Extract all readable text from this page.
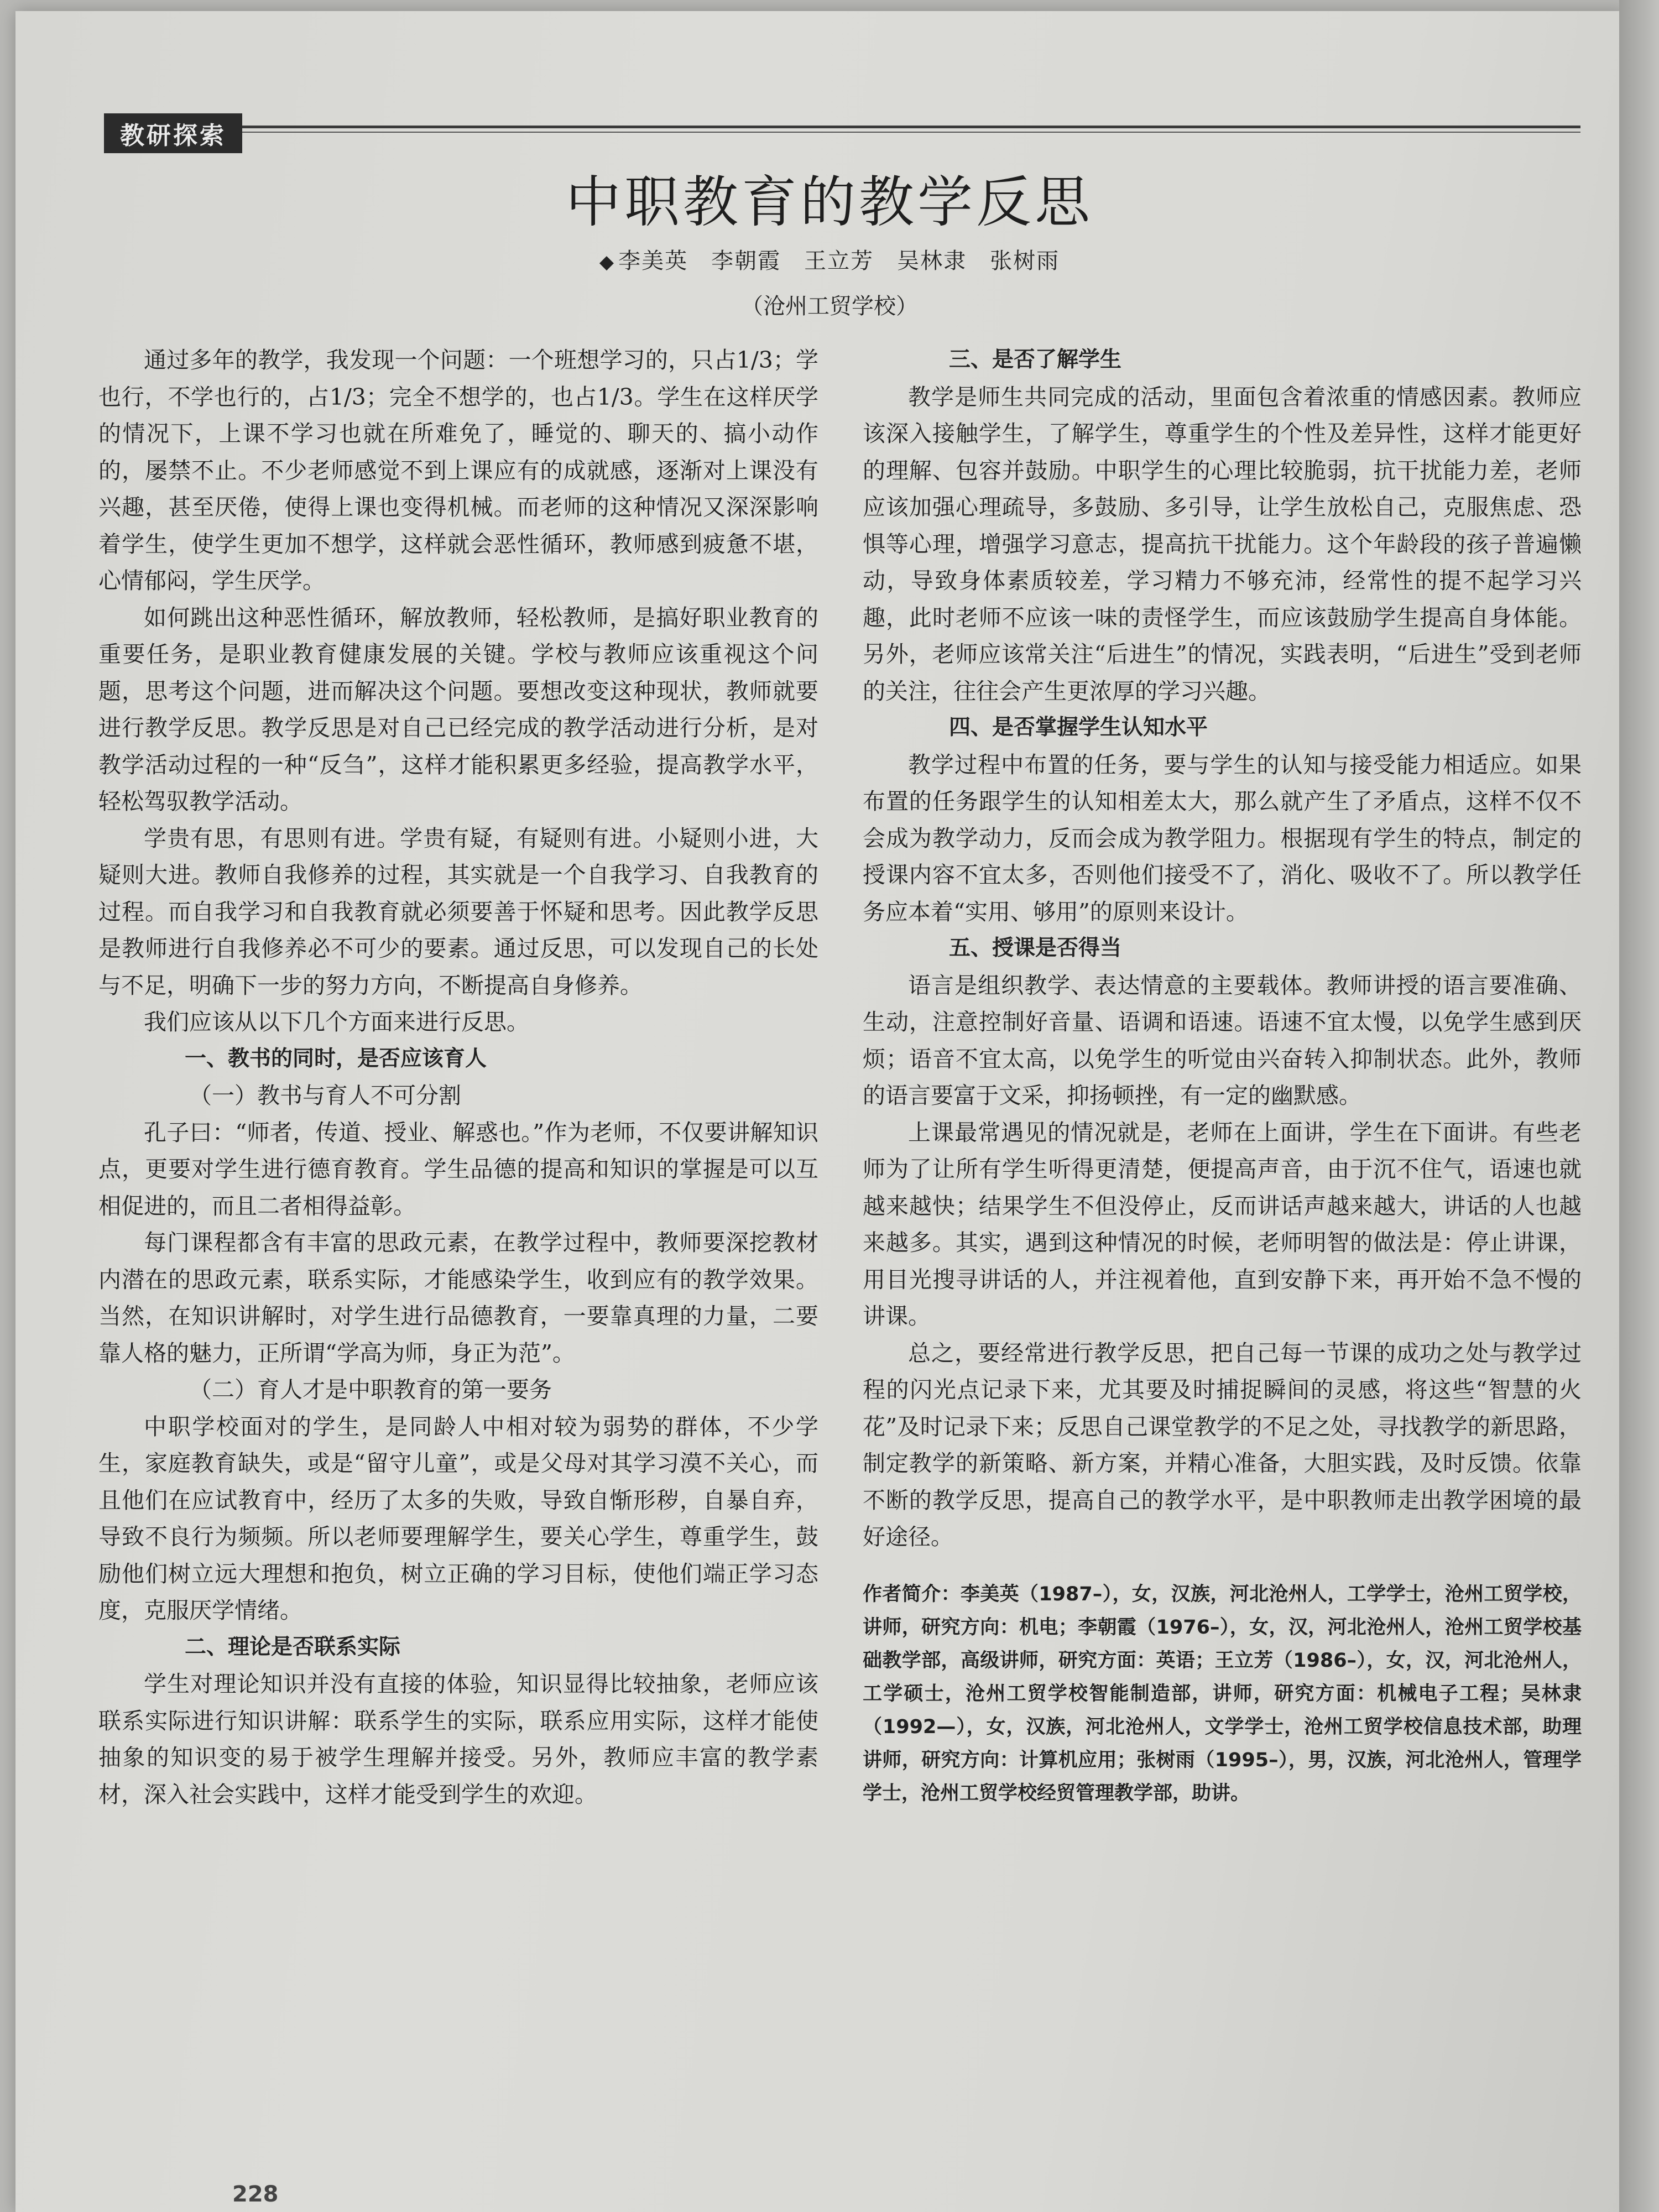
教研探索
中职教育的教学反思
◆ 李美英　李朝霞　王立芳　吴林隶　张树雨
（沧州工贸学校）

通过多年的教学，我发现一个问题：一个班想学习的，只占1/3；学也行，不学也行的，占1/3；完全不想学的，也占1/3。学生在这样厌学的情况下，上课不学习也就在所难免了，睡觉的、聊天的、搞小动作的，屡禁不止。不少老师感觉不到上课应有的成就感，逐渐对上课没有兴趣，甚至厌倦，使得上课也变得机械。而老师的这种情况又深深影响着学生，使学生更加不想学，这样就会恶性循环，教师感到疲惫不堪，心情郁闷，学生厌学。

如何跳出这种恶性循环，解放教师，轻松教师，是搞好职业教育的重要任务，是职业教育健康发展的关键。学校与教师应该重视这个问题，思考这个问题，进而解决这个问题。要想改变这种现状，教师就要进行教学反思。教学反思是对自己已经完成的教学活动进行分析，是对教学活动过程的一种“反刍”，这样才能积累更多经验，提高教学水平，轻松驾驭教学活动。

学贵有思，有思则有进。学贵有疑，有疑则有进。小疑则小进，大疑则大进。教师自我修养的过程，其实就是一个自我学习、自我教育的过程。而自我学习和自我教育就必须要善于怀疑和思考。因此教学反思是教师进行自我修养必不可少的要素。通过反思，可以发现自己的长处与不足，明确下一步的努力方向，不断提高自身修养。

我们应该从以下几个方面来进行反思。

一、教书的同时，是否应该育人

（一）教书与育人不可分割

孔子曰：“师者，传道、授业、解惑也。”作为老师，不仅要讲解知识点，更要对学生进行德育教育。学生品德的提高和知识的掌握是可以互相促进的，而且二者相得益彰。

每门课程都含有丰富的思政元素，在教学过程中，教师要深挖教材内潜在的思政元素，联系实际，才能感染学生，收到应有的教学效果。当然，在知识讲解时，对学生进行品德教育，一要靠真理的力量，二要靠人格的魅力，正所谓“学高为师，身正为范”。

（二）育人才是中职教育的第一要务

中职学校面对的学生，是同龄人中相对较为弱势的群体，不少学生，家庭教育缺失，或是“留守儿童”，或是父母对其学习漠不关心，而且他们在应试教育中，经历了太多的失败，导致自惭形秽，自暴自弃，导致不良行为频频。所以老师要理解学生，要关心学生，尊重学生，鼓励他们树立远大理想和抱负，树立正确的学习目标，使他们端正学习态度，克服厌学情绪。

二、理论是否联系实际

学生对理论知识并没有直接的体验，知识显得比较抽象，老师应该联系实际进行知识讲解：联系学生的实际，联系应用实际，这样才能使抽象的知识变的易于被学生理解并接受。另外，教师应丰富的教学素材，深入社会实践中，这样才能受到学生的欢迎。

三、是否了解学生

教学是师生共同完成的活动，里面包含着浓重的情感因素。教师应该深入接触学生，了解学生，尊重学生的个性及差异性，这样才能更好的理解、包容并鼓励。中职学生的心理比较脆弱，抗干扰能力差，老师应该加强心理疏导，多鼓励、多引导，让学生放松自己，克服焦虑、恐惧等心理，增强学习意志，提高抗干扰能力。这个年龄段的孩子普遍懒动，导致身体素质较差，学习精力不够充沛，经常性的提不起学习兴趣，此时老师不应该一味的责怪学生，而应该鼓励学生提高自身体能。另外，老师应该常关注“后进生”的情况，实践表明，“后进生”受到老师的关注，往往会产生更浓厚的学习兴趣。

四、是否掌握学生认知水平

教学过程中布置的任务，要与学生的认知与接受能力相适应。如果布置的任务跟学生的认知相差太大，那么就产生了矛盾点，这样不仅不会成为教学动力，反而会成为教学阻力。根据现有学生的特点，制定的授课内容不宜太多，否则他们接受不了，消化、吸收不了。所以教学任务应本着“实用、够用”的原则来设计。

五、授课是否得当

语言是组织教学、表达情意的主要载体。教师讲授的语言要准确、生动，注意控制好音量、语调和语速。语速不宜太慢，以免学生感到厌烦；语音不宜太高，以免学生的听觉由兴奋转入抑制状态。此外，教师的语言要富于文采，抑扬顿挫，有一定的幽默感。

上课最常遇见的情况就是，老师在上面讲，学生在下面讲。有些老师为了让所有学生听得更清楚，便提高声音，由于沉不住气，语速也就越来越快；结果学生不但没停止，反而讲话声越来越大，讲话的人也越来越多。其实，遇到这种情况的时候，老师明智的做法是：停止讲课，用目光搜寻讲话的人，并注视着他，直到安静下来，再开始不急不慢的讲课。

总之，要经常进行教学反思，把自己每一节课的成功之处与教学过程的闪光点记录下来，尤其要及时捕捉瞬间的灵感，将这些“智慧的火花”及时记录下来；反思自己课堂教学的不足之处，寻找教学的新思路，制定教学的新策略、新方案，并精心准备，大胆实践，及时反馈。依靠不断的教学反思，提高自己的教学水平，是中职教师走出教学困境的最好途径。

作者简介：李美英（1987–），女，汉族，河北沧州人，工学学士，沧州工贸学校，讲师，研究方向：机电；李朝霞（1976–），女，汉，河北沧州人，沧州工贸学校基础教学部，高级讲师，研究方面：英语；王立芳（1986–），女，汉，河北沧州人，工学硕士，沧州工贸学校智能制造部，讲师，研究方面：机械电子工程；吴林隶（1992—），女，汉族，河北沧州人，文学学士，沧州工贸学校信息技术部，助理讲师，研究方向：计算机应用；张树雨（1995–），男，汉族，河北沧州人，管理学学士，沧州工贸学校经贸管理教学部，助讲。

228
